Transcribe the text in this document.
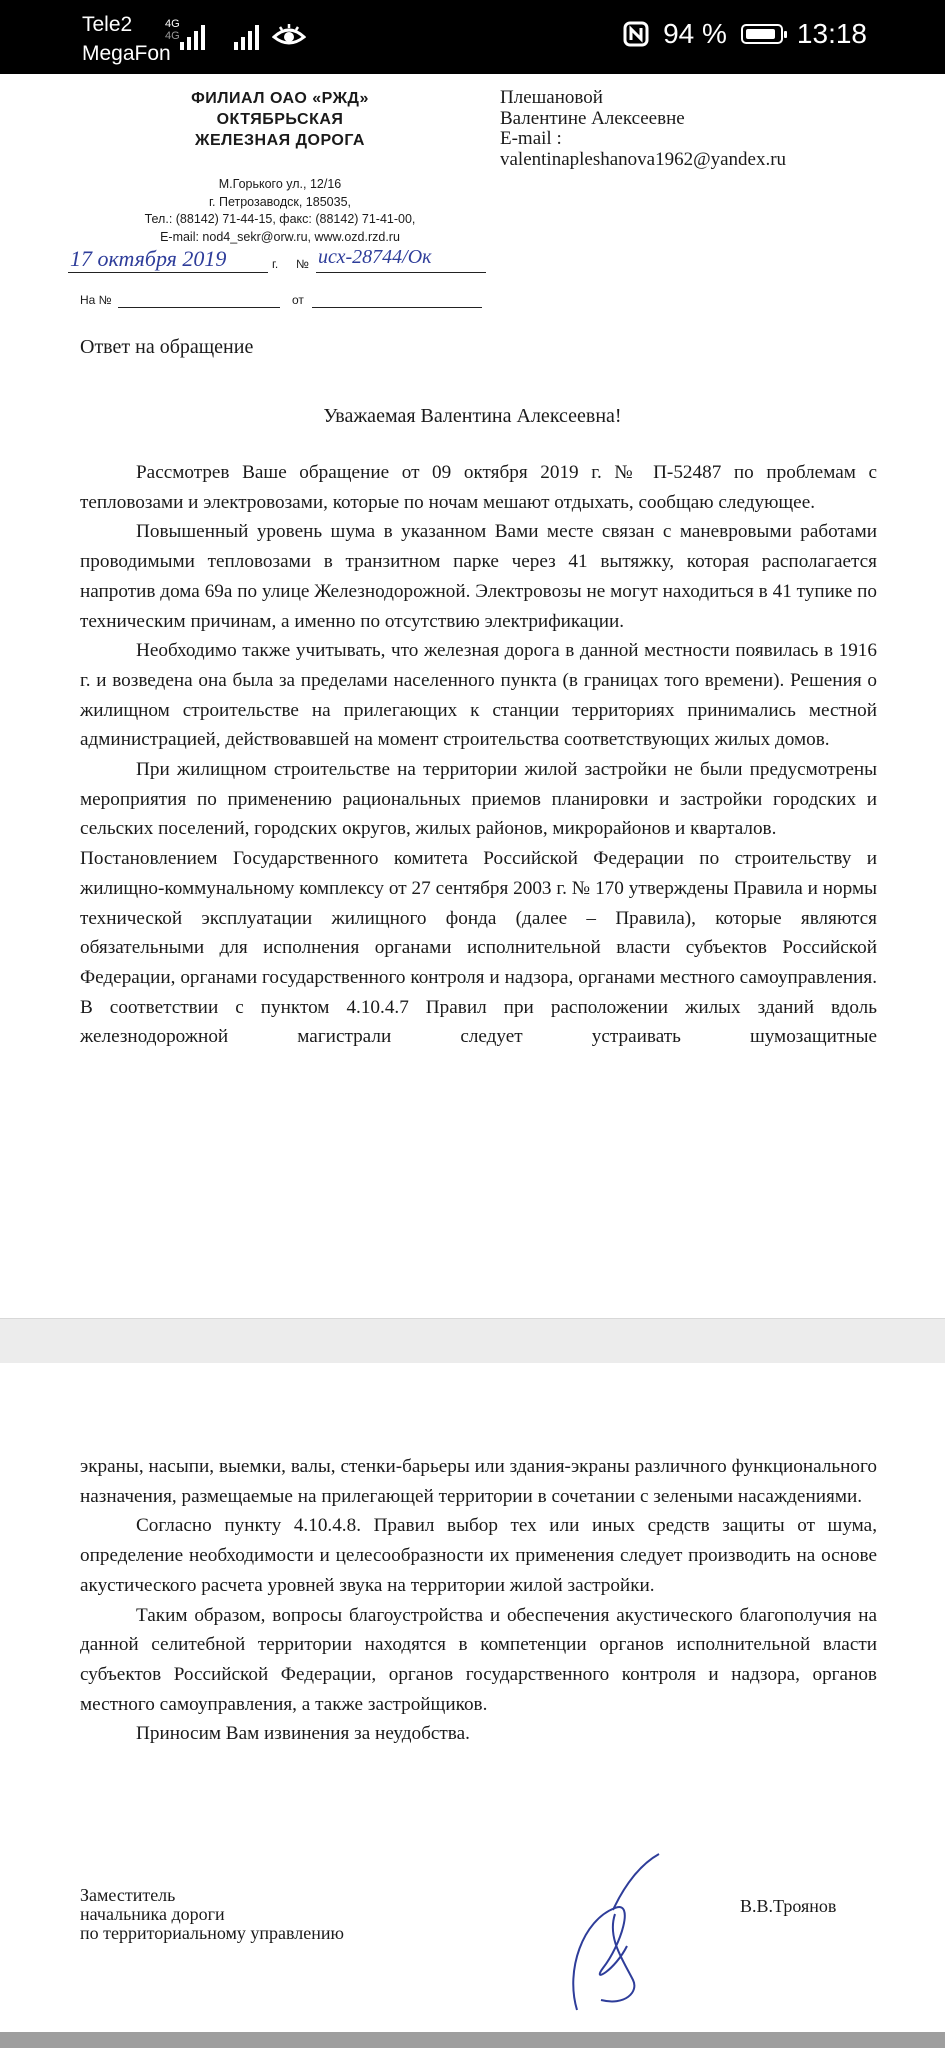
Tele2
MegaFon
4G
4G	94 %	13:18
ФИЛИАЛ ОАО «РЖД»
ОКТЯБРЬСКАЯ
ЖЕЛЕЗНАЯ ДОРОГА
М.Горького ул., 12/16
г. Петрозаводск, 185035,
Тел.: (88142) 71-44-15, факс: (88142) 71-41-00,
E-mail: nod4_sekr@orw.ru, www.ozd.rzd.ru
17 октября 2019	г. № исх-28744/Ок
На №	от
Плешановой
Валентине Алексеевне
E-mail :
valentinapleshanova1962@yandex.ru
Ответ на обращение
Уважаемая Валентина Алексеевна!

Рассмотрев Ваше обращение от 09 октября 2019 г. № П-52487 по проблемам с тепловозами и электровозами, которые по ночам мешают отдыхать, сообщаю следующее.

Повышенный уровень шума в указанном Вами месте связан с маневровыми работами проводимыми тепловозами в транзитном парке через 41 вытяжку, которая располагается напротив дома 69а по улице Железнодорожной. Электровозы не могут находиться в 41 тупике по техническим причинам, а именно по отсутствию электрификации.

Необходимо также учитывать, что железная дорога в данной местности появилась в 1916 г. и возведена она была за пределами населенного пункта (в границах того времени). Решения о жилищном строительстве на прилегающих к станции территориях принимались местной администрацией, действовавшей на момент строительства соответствующих жилых домов.

При жилищном строительстве на территории жилой застройки не были предусмотрены мероприятия по применению рациональных приемов планировки и застройки городских и сельских поселений, городских округов, жилых районов, микрорайонов и кварталов.

Постановлением Государственного комитета Российской Федерации по строительству и жилищно-коммунальному комплексу от 27 сентября 2003 г. № 170 утверждены Правила и нормы технической эксплуатации жилищного фонда (далее – Правила), которые являются обязательными для исполнения органами исполнительной власти субъектов Российской Федерации, органами государственного контроля и надзора, органами местного самоуправления. В соответствии с пунктом 4.10.4.7 Правил при расположении жилых зданий вдоль железнодорожной магистрали следует устраивать шумозащитные

экраны, насыпи, выемки, валы, стенки-барьеры или здания-экраны различного функционального назначения, размещаемые на прилегающей территории в сочетании с зелеными насаждениями.

Согласно пункту 4.10.4.8. Правил выбор тех или иных средств защиты от шума, определение необходимости и целесообразности их применения следует производить на основе акустического расчета уровней звука на территории жилой застройки.

Таким образом, вопросы благоустройства и обеспечения акустического благополучия на данной селитебной территории находятся в компетенции органов исполнительной власти субъектов Российской Федерации, органов государственного контроля и надзора, органов местного самоуправления, а также застройщиков.

Приносим Вам извинения за неудобства.

Заместитель
начальника дороги
по территориальному управлению
В.В.Троянов
